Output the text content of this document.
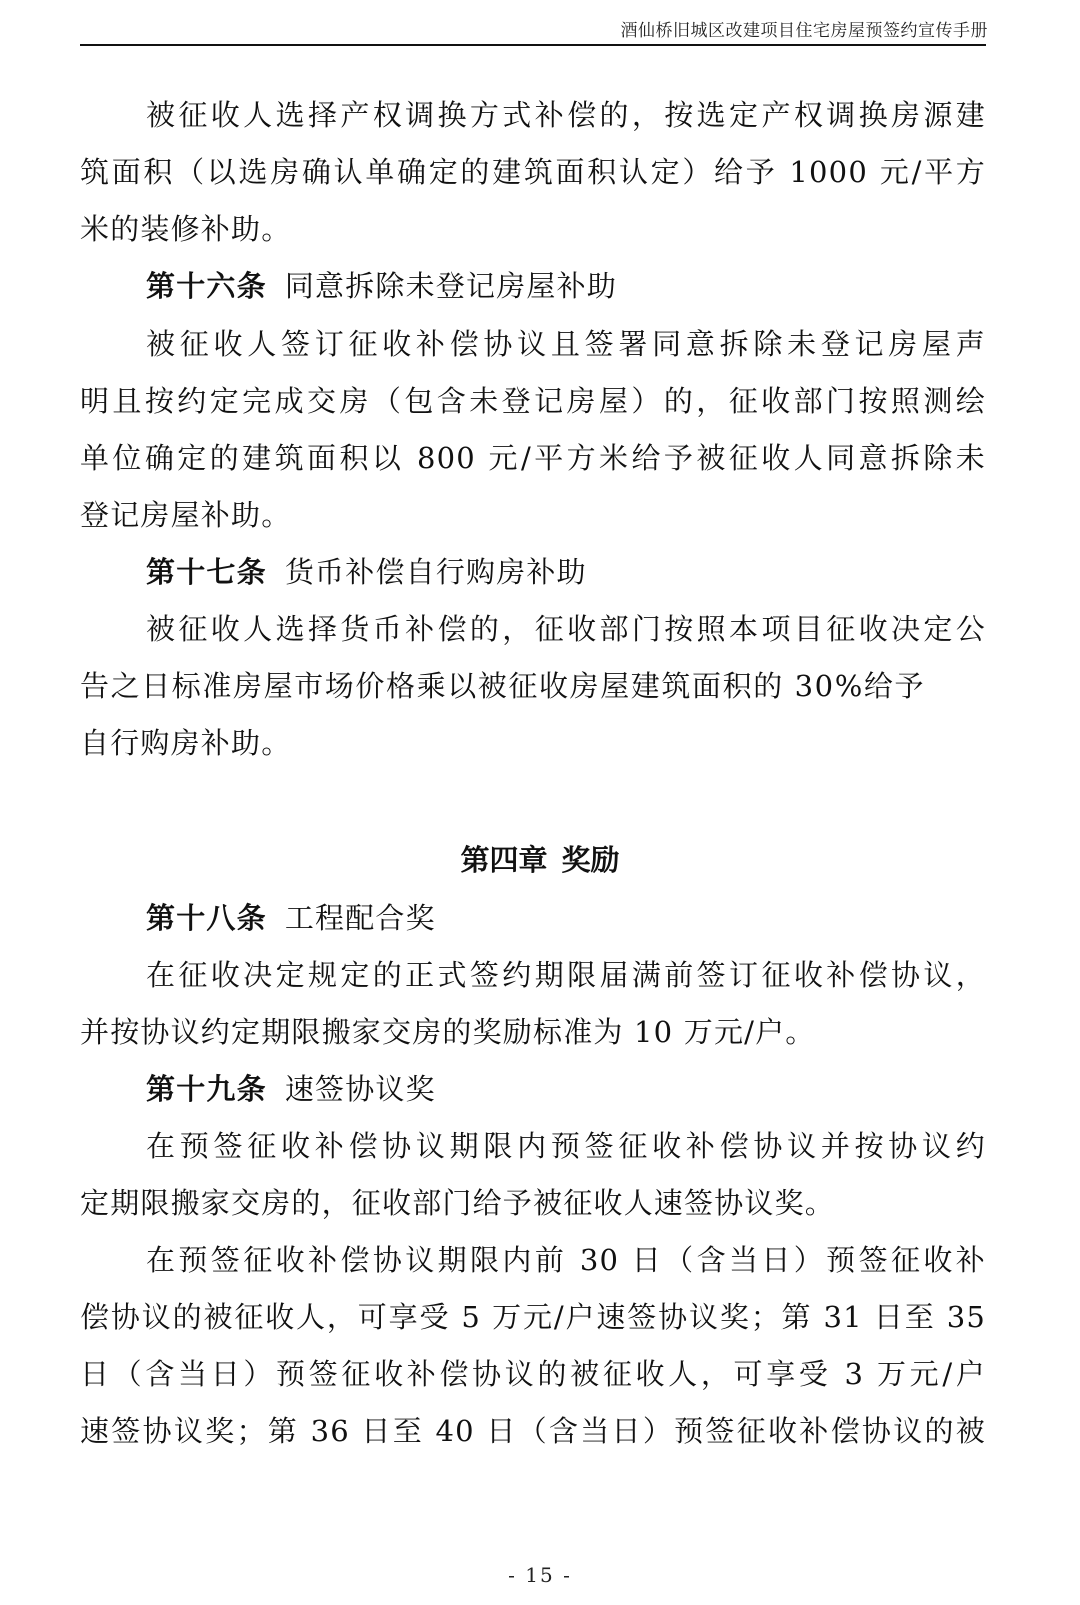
酒仙桥旧城区改建项目住宅房屋预签约宣传手册
被征收人选择产权调换方式补偿的，按选定产权调换房源建
筑面积（以选房确认单确定的建筑面积认定）给予 1000 元/平方
米的装修补助。
第十六条 同意拆除未登记房屋补助
被征收人签订征收补偿协议且签署同意拆除未登记房屋声
明且按约定完成交房（包含未登记房屋）的，征收部门按照测绘
单位确定的建筑面积以 800 元/平方米给予被征收人同意拆除未
登记房屋补助。
第十七条 货币补偿自行购房补助
被征收人选择货币补偿的，征收部门按照本项目征收决定公
告之日标准房屋市场价格乘以被征收房屋建筑面积的 30%给予
自行购房补助。
第四章 奖励
第十八条 工程配合奖
在征收决定规定的正式签约期限届满前签订征收补偿协议，
并按协议约定期限搬家交房的奖励标准为 10 万元/户。
第十九条 速签协议奖
在预签征收补偿协议期限内预签征收补偿协议并按协议约
定期限搬家交房的，征收部门给予被征收人速签协议奖。
在预签征收补偿协议期限内前 30 日（含当日）预签征收补
偿协议的被征收人，可享受 5 万元/户速签协议奖；第 31 日至 35
日（含当日）预签征收补偿协议的被征收人，可享受 3 万元/户
速签协议奖；第 36 日至 40 日（含当日）预签征收补偿协议的被
- 15 -
